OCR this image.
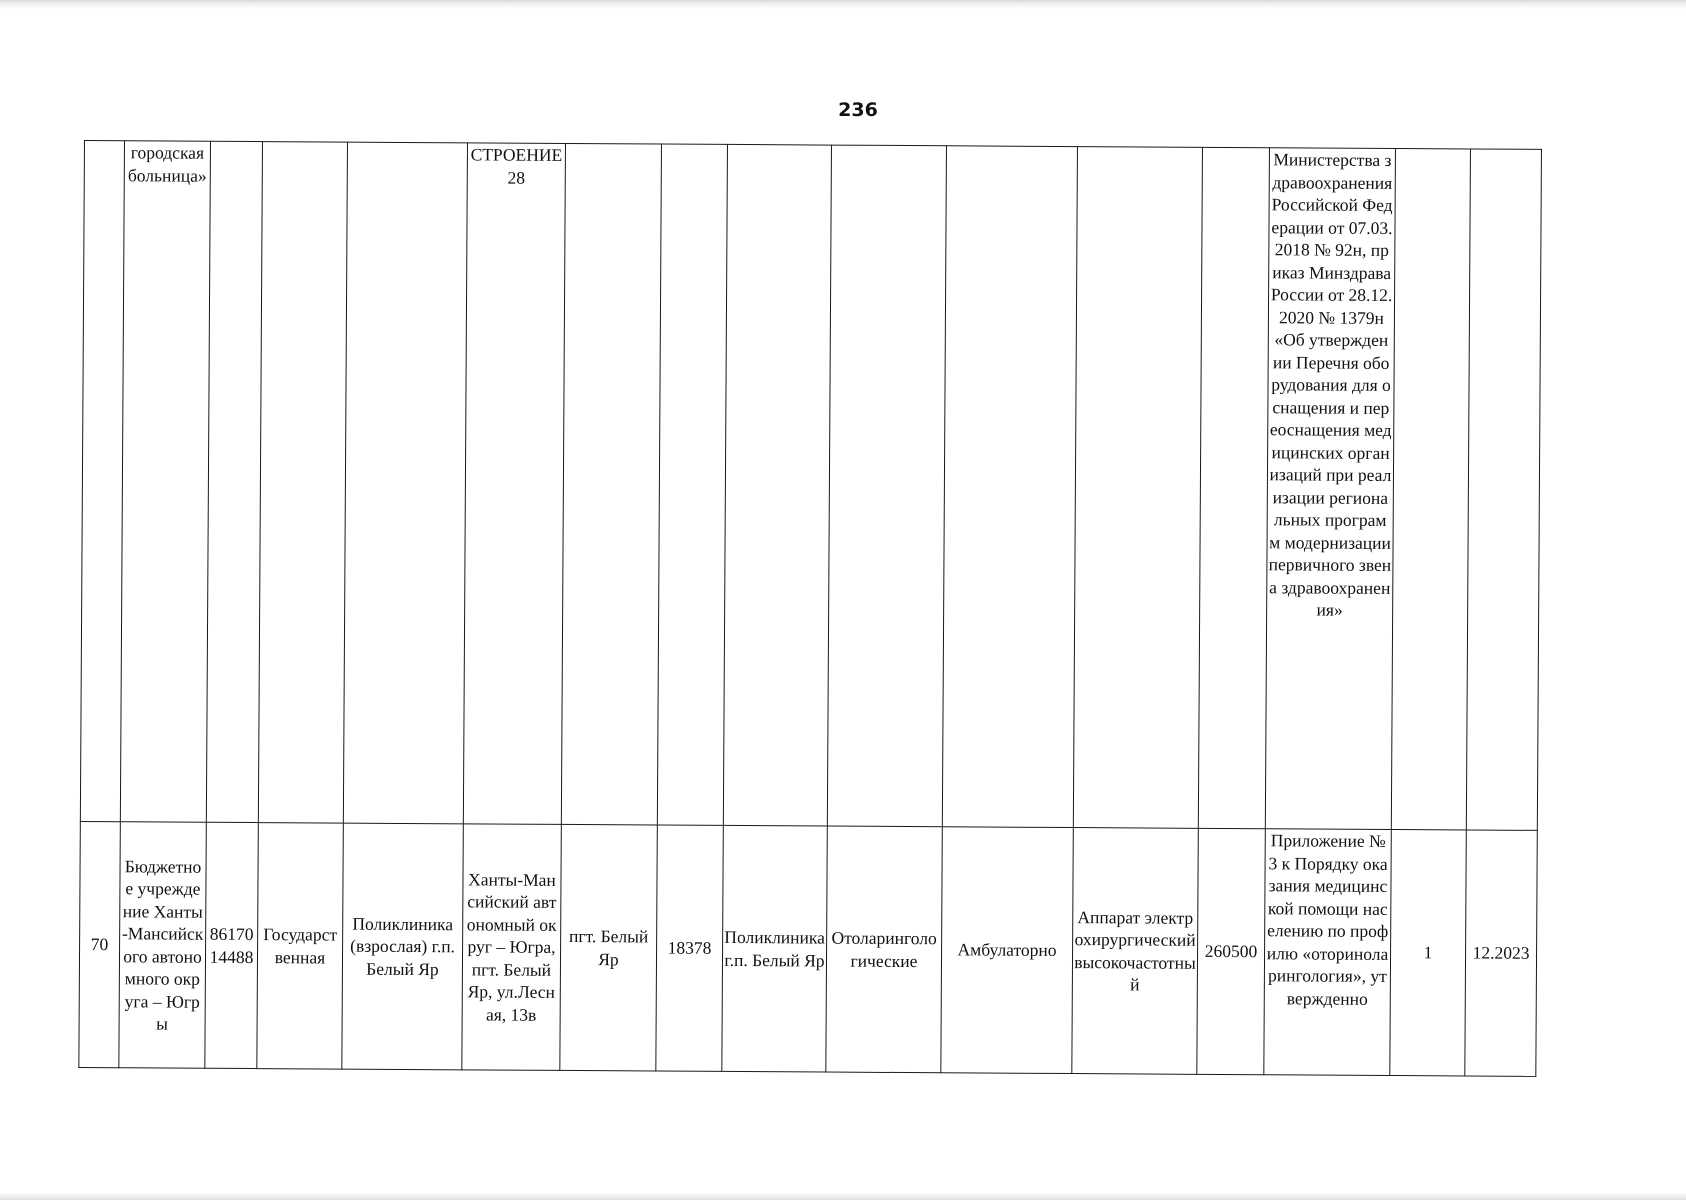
236
	городская больница»				СТРОЕНИЕ 28								Министерства здравоохранения Российской Федерации от 07.03.2018 № 92н, приказ Минздрава России от 28.12.2020 № 1379н «Об утверждении Перечня оборудования для оснащения и переоснащения медицинских организаций при реализации региональных программ модернизации первичного звена здравоохранения»		
70	Бюджетное учреждение Ханты-Мансийского автономного округа – Югры	8617014488	Государственная	Поликлиника (взрослая) г.п. Белый Яр	Ханты-Мансийский автономный округ – Югра, пгт. Белый Яр, ул.Лесная, 13в	пгт. Белый Яр	18378	Поликлиника г.п. Белый Яр	Отоларингологические	Амбулаторно	Аппарат электрохирургический высокочастотный	260500	Приложение № 3 к Порядку оказания медицинской помощи населению по профилю «оториноларингология», утвержденно	1	12.2023
